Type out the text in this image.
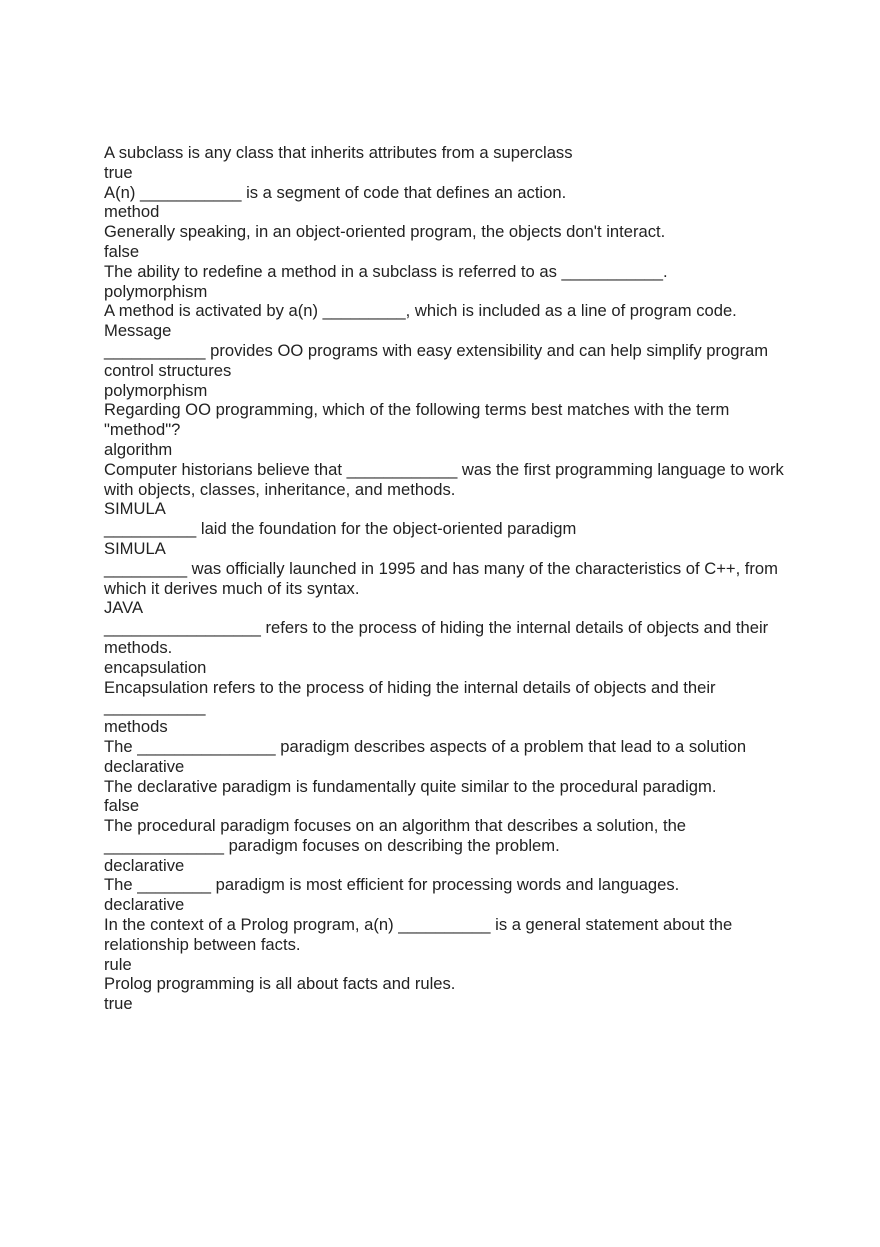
A subclass is any class that inherits attributes from a superclass
true
A(n) ___________ is a segment of code that defines an action.
method
Generally speaking, in an object-oriented program, the objects don't interact.
false
The ability to redefine a method in a subclass is referred to as ___________.
polymorphism
A method is activated by a(n) _________, which is included as a line of program code.
Message
___________ provides OO programs with easy extensibility and can help simplify program control structures
polymorphism
Regarding OO programming, which of the following terms best matches with the term "method"?
algorithm
Computer historians believe that ____________ was the first programming language to work with objects, classes, inheritance, and methods.
SIMULA
__________ laid the foundation for the object-oriented paradigm
SIMULA
_________ was officially launched in 1995 and has many of the characteristics of C++, from which it derives much of its syntax.
JAVA
_________________ refers to the process of hiding the internal details of objects and their methods.
encapsulation
Encapsulation refers to the process of hiding the internal details of objects and their ___________
methods
The _______________ paradigm describes aspects of a problem that lead to a solution
declarative
The declarative paradigm is fundamentally quite similar to the procedural paradigm.
false
The procedural paradigm focuses on an algorithm that describes a solution, the _____________ paradigm focuses on describing the problem.
declarative
The ________ paradigm is most efficient for processing words and languages.
declarative
In the context of a Prolog program, a(n) __________ is a general statement about the relationship between facts.
rule
Prolog programming is all about facts and rules.
true
